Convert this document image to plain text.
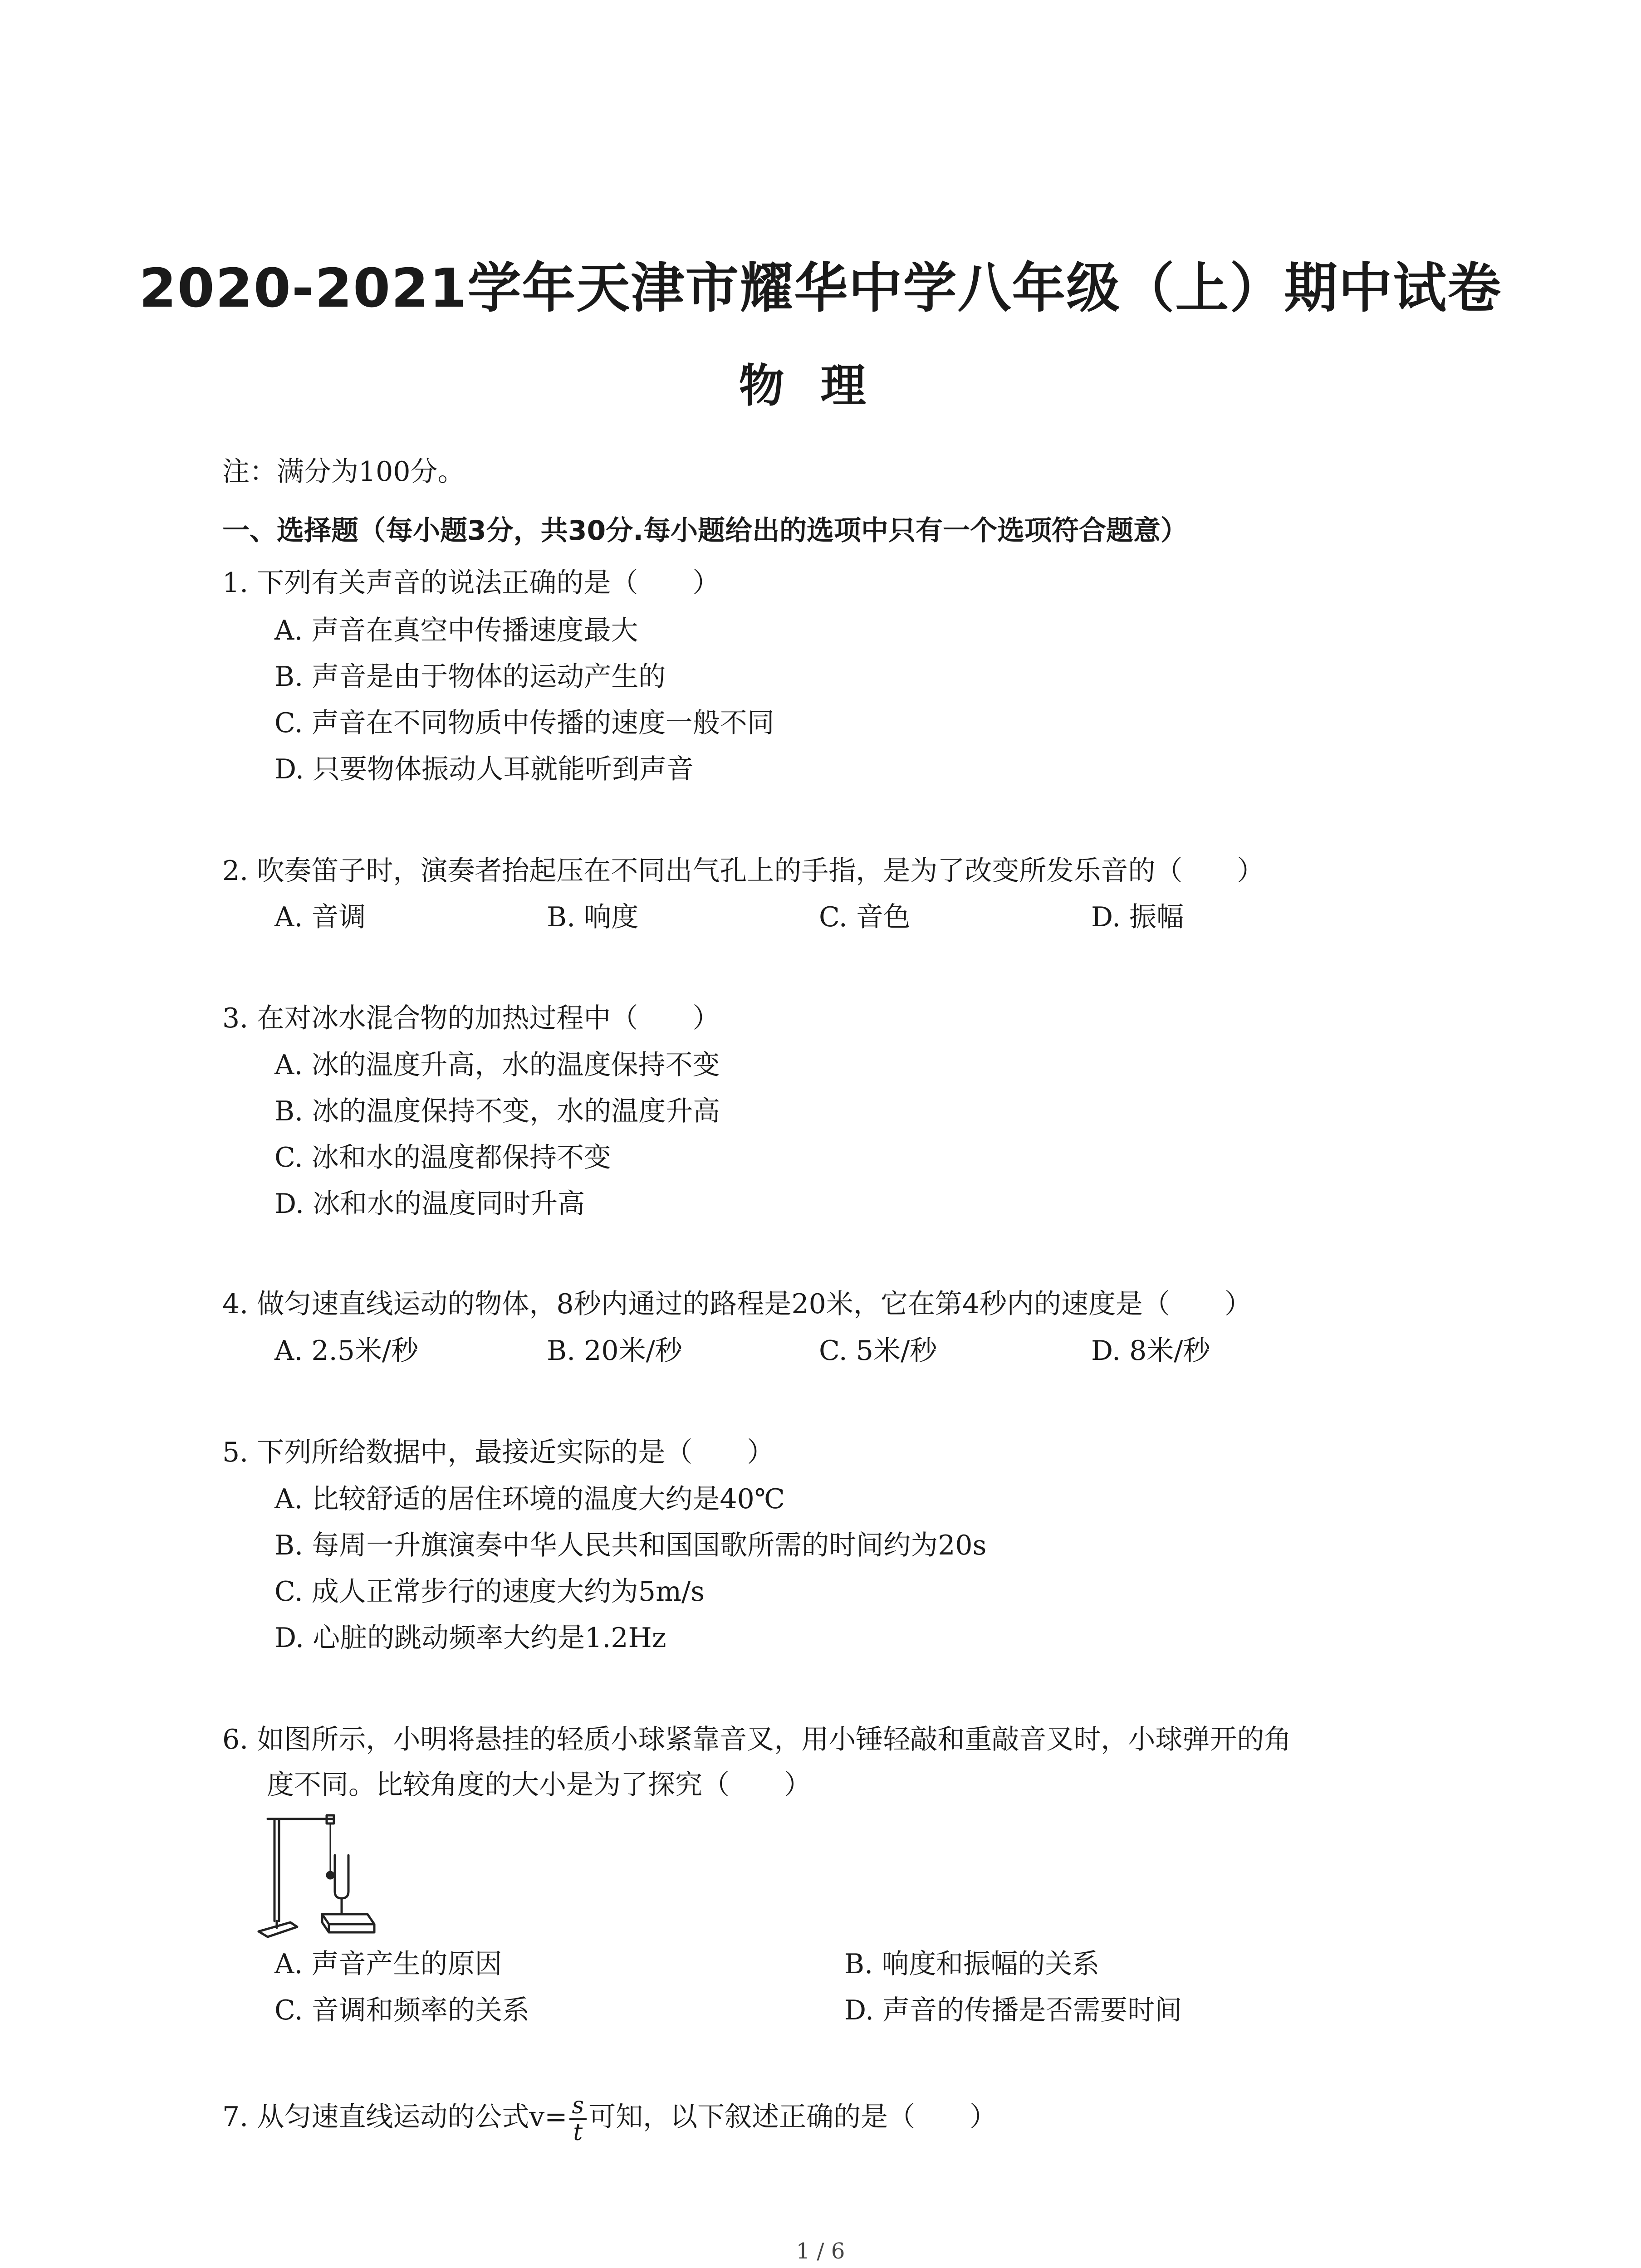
2020-2021学年天津市耀华中学八年级（上）期中试卷
物理
注：满分为100分。
一、选择题（每小题3分，共30分.每小题给出的选项中只有一个选项符合题意）
1. 下列有关声音的说法正确的是（　　）
A. 声音在真空中传播速度最大
B. 声音是由于物体的运动产生的
C. 声音在不同物质中传播的速度一般不同
D. 只要物体振动人耳就能听到声音
2. 吹奏笛子时，演奏者抬起压在不同出气孔上的手指，是为了改变所发乐音的（　　）
A. 音调	B. 响度	C. 音色	D. 振幅
3. 在对冰水混合物的加热过程中（　　）
A. 冰的温度升高，水的温度保持不变
B. 冰的温度保持不变，水的温度升高
C. 冰和水的温度都保持不变
D. 冰和水的温度同时升高
4. 做匀速直线运动的物体，8秒内通过的路程是20米，它在第4秒内的速度是（　　）
A. 2.5米/秒	B. 20米/秒	C. 5米/秒	D. 8米/秒
5. 下列所给数据中，最接近实际的是（　　）
A. 比较舒适的居住环境的温度大约是40℃
B. 每周一升旗演奏中华人民共和国国歌所需的时间约为20s
C. 成人正常步行的速度大约为5m/s
D. 心脏的跳动频率大约是1.2Hz
6. 如图所示，小明将悬挂的轻质小球紧靠音叉，用小锤轻敲和重敲音叉时，小球弹开的角
度不同。比较角度的大小是为了探究（　　）
A. 声音产生的原因	B. 响度和振幅的关系
C. 音调和频率的关系	D. 声音的传播是否需要时间
7. 从匀速直线运动的公式$v= \frac{s}{t}$ 可知，以下叙述正确的是（　　）
1 / 6
